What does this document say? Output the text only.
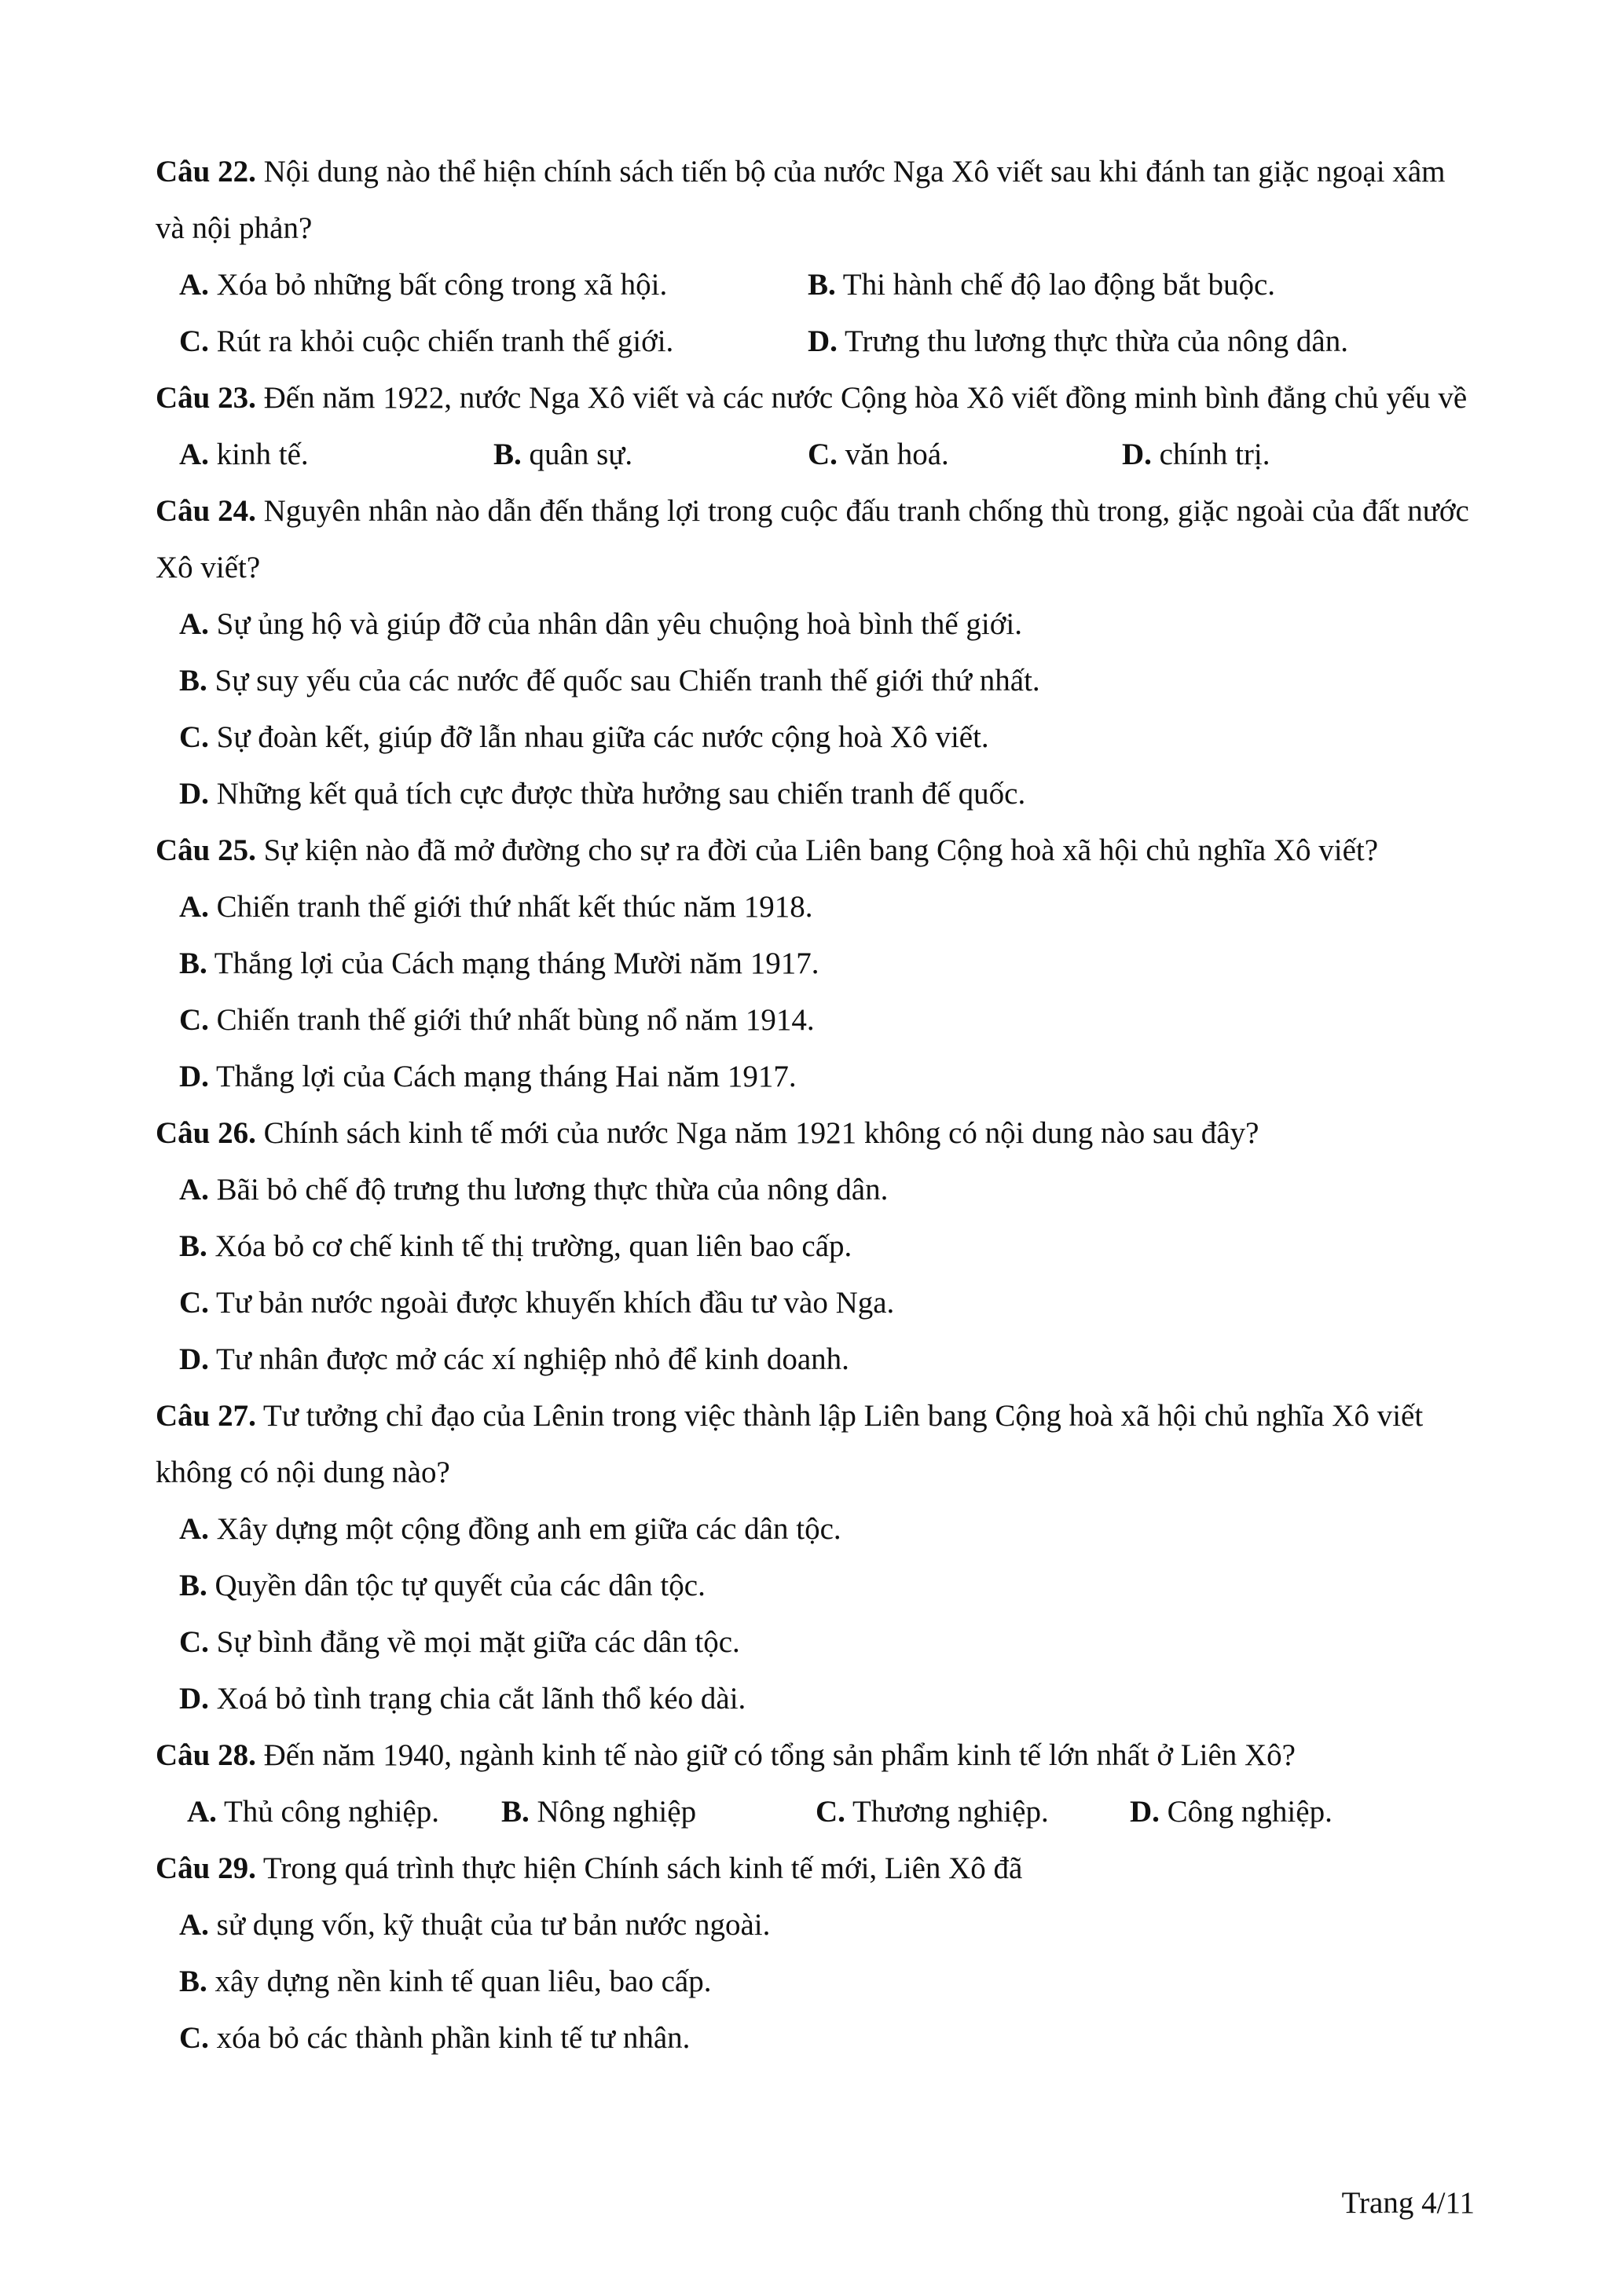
Câu 22. Nội dung nào thể hiện chính sách tiến bộ của nước Nga Xô viết sau khi đánh tan giặc ngoại xâm và nội phản?
A. Xóa bỏ những bất công trong xã hội.	B. Thi hành chế độ lao động bắt buộc.
C. Rút ra khỏi cuộc chiến tranh thế giới.	D. Trưng thu lương thực thừa của nông dân.
Câu 23. Đến năm 1922, nước Nga Xô viết và các nước Cộng hòa Xô viết đồng minh bình đẳng chủ yếu về
A. kinh tế.	B. quân sự.	C. văn hoá.	D. chính trị.
Câu 24. Nguyên nhân nào dẫn đến thắng lợi trong cuộc đấu tranh chống thù trong, giặc ngoài của đất nước Xô viết?
A. Sự ủng hộ và giúp đỡ của nhân dân yêu chuộng hoà bình thế giới.
B. Sự suy yếu của các nước đế quốc sau Chiến tranh thế giới thứ nhất.
C. Sự đoàn kết, giúp đỡ lẫn nhau giữa các nước cộng hoà Xô viết.
D. Những kết quả tích cực được thừa hưởng sau chiến tranh đế quốc.
Câu 25. Sự kiện nào đã mở đường cho sự ra đời của Liên bang Cộng hoà xã hội chủ nghĩa Xô viết?
A. Chiến tranh thế giới thứ nhất kết thúc năm 1918.
B. Thắng lợi của Cách mạng tháng Mười năm 1917.
C. Chiến tranh thế giới thứ nhất bùng nổ năm 1914.
D. Thắng lợi của Cách mạng tháng Hai năm 1917.
Câu 26. Chính sách kinh tế mới của nước Nga năm 1921 không có nội dung nào sau đây?
A. Bãi bỏ chế độ trưng thu lương thực thừa của nông dân.
B. Xóa bỏ cơ chế kinh tế thị trường, quan liên bao cấp.
C. Tư bản nước ngoài được khuyến khích đầu tư vào Nga.
D. Tư nhân được mở các xí nghiệp nhỏ để kinh doanh.
Câu 27. Tư tưởng chỉ đạo của Lênin trong việc thành lập Liên bang Cộng hoà xã hội chủ nghĩa Xô viết không có nội dung nào?
A. Xây dựng một cộng đồng anh em giữa các dân tộc.
B. Quyền dân tộc tự quyết của các dân tộc.
C. Sự bình đẳng về mọi mặt giữa các dân tộc.
D. Xoá bỏ tình trạng chia cắt lãnh thổ kéo dài.
Câu 28. Đến năm 1940, ngành kinh tế nào giữ có tổng sản phẩm kinh tế lớn nhất ở Liên Xô?
A. Thủ công nghiệp.	B. Nông nghiệp	C. Thương nghiệp.	D. Công nghiệp.
Câu 29. Trong quá trình thực hiện Chính sách kinh tế mới, Liên Xô đã
A. sử dụng vốn, kỹ thuật của tư bản nước ngoài.
B. xây dựng nền kinh tế quan liêu, bao cấp.
C. xóa bỏ các thành phần kinh tế tư nhân.
Trang 4/11
